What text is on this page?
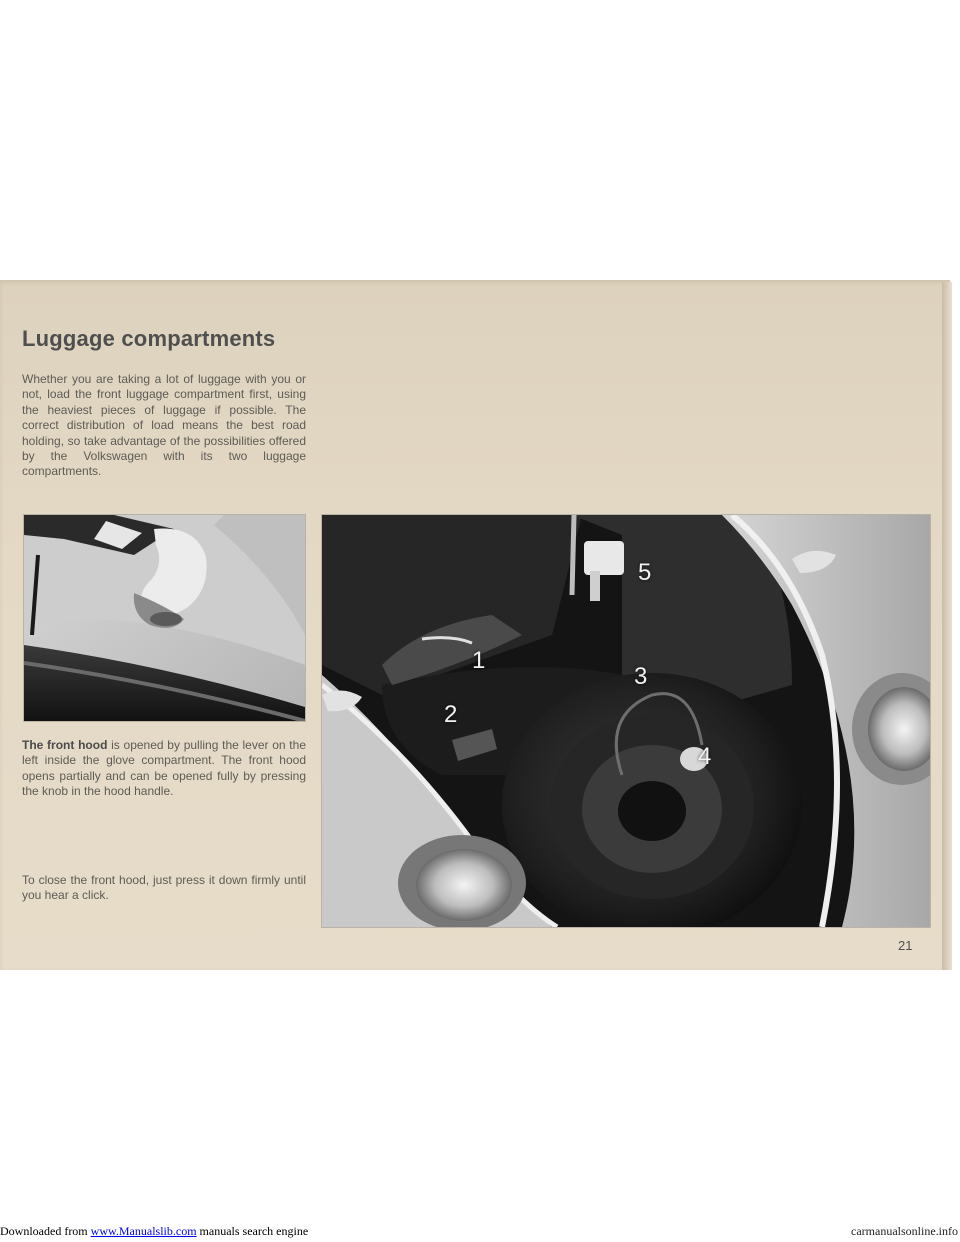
Luggage compartments

Whether you are taking a lot of luggage with you or not, load the front luggage compartment first, using the heaviest pieces of luggage if possible. The correct distribution of load means the best road holding, so take advantage of the possibilities offered by the Volkswagen with its two luggage compartments.

The front hood is opened by pulling the lever on the left inside the glove compartment. The front hood opens partially and can be opened fully by pressing the knob in the hood handle.

To close the front hood, just press it down firmly until you hear a click.

1

2

3

4

5

21

Downloaded from www.Manualslib.com manuals search engine	carmanualsonline.info
